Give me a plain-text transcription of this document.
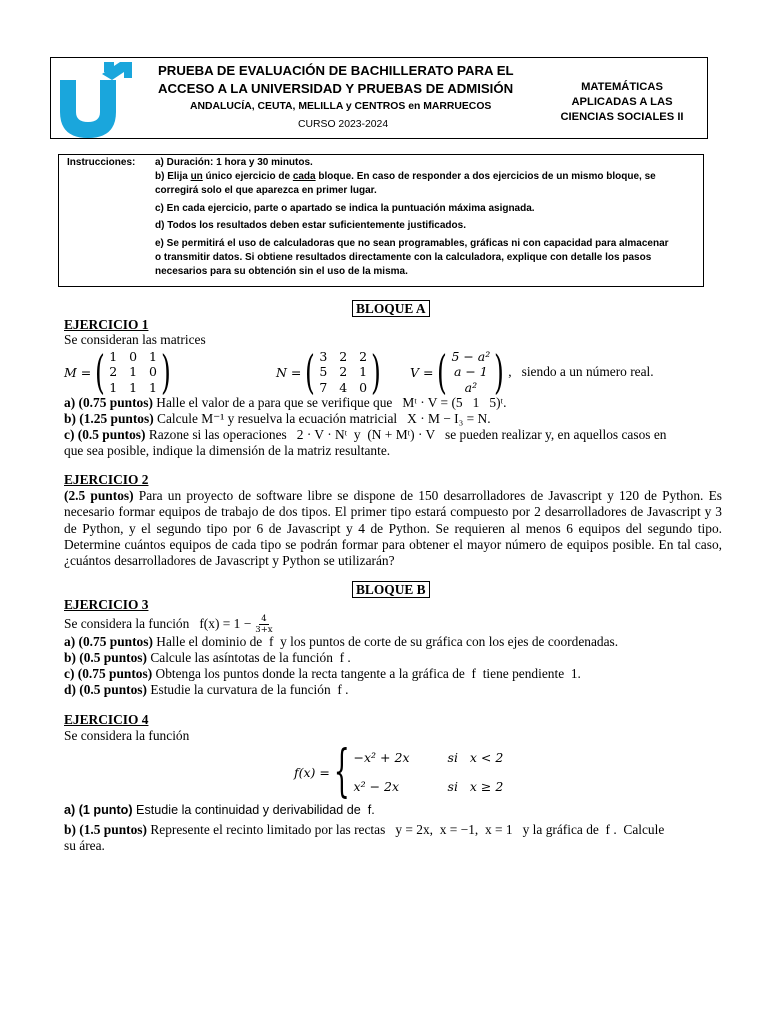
PRUEBA DE EVALUACIÓN DE BACHILLERATO PARA EL
ACCESO A LA UNIVERSIDAD Y PRUEBAS DE ADMISIÓN
ANDALUCÍA, CEUTA, MELILLA y CENTROS en MARRUECOS
CURSO 2023-2024
MATEMÁTICAS
APLICADAS A LAS
CIENCIAS SOCIALES II
Instrucciones: a) Duración: 1 hora y 30 minutos.
b) Elija un único ejercicio de cada bloque. En caso de responder a dos ejercicios de un mismo bloque, se
corregirá solo el que aparezca en primer lugar.
c) En cada ejercicio, parte o apartado se indica la puntuación máxima asignada.
d) Todos los resultados deben estar suficientemente justificados.
e) Se permitirá el uso de calculadoras que no sean programables, gráficas ni con capacidad para almacenar
o transmitir datos. Si obtiene resultados directamente con la calculadora, explique con detalle los pasos
necesarios para su obtención sin el uso de la misma.
BLOQUE A
EJERCICIO 1
Se consideran las matrices
M = ( 1   0   1
2   1   0
1   1   1 )	N = ( 3   2   2
5   2   1
7   4   0 ) V = ( 5 − a²
a − 1
a² ) ,   siendo a un número real.
a) (0.75 puntos) Halle el valor de a para que se verifique que   Mᵗ · V = (5   1   5)ᵗ.
b) (1.25 puntos) Calcule M⁻¹ y resuelva la ecuación matricial   X · M − I₃ = N.
c) (0.5 puntos) Razone si las operaciones   2 · V · Nᵗ  y  (N + Mᵗ) · V   se pueden realizar y, en aquellos casos en
que sea posible, indique la dimensión de la matriz resultante.
EJERCICIO 2
(2.5 puntos) Para un proyecto de software libre se dispone de 150 desarrolladores de Javascript y 120 de Python. Es necesario formar equipos de trabajo de dos tipos. El primer tipo estará compuesto por 2 desarrolladores de Javascript y 3 de Python, y el segundo tipo por 6 de Javascript y 4 de Python. Se requieren al menos 6 equipos del segundo tipo. Determine cuántos equipos de cada tipo se podrán formar para obtener el mayor número de equipos posible. En tal caso, ¿cuántos desarrolladores de Javascript y Python se utilizarán?
BLOQUE B
EJERCICIO 3
Se considera la función   $f(x) = 1 - \frac{4}{3+x}$
a) (0.75 puntos) Halle el dominio de  f  y los puntos de corte de su gráfica con los ejes de coordenadas.
b) (0.5 puntos) Calcule las asíntotas de la función  f .
c) (0.75 puntos) Obtenga los puntos donde la recta tangente a la gráfica de  f  tiene pendiente  1.
d) (0.5 puntos) Estudie la curvatura de la función  f .
EJERCICIO 4
Se considera la función
f(x) = { −x² + 2x	si   x < 2
x² − 2x	si   x ≥ 2
a) (1 punto) Estudie la continuidad y derivabilidad de  f.
b) (1.5 puntos) Represente el recinto limitado por las rectas   y = 2x,  x = −1,  x = 1   y la gráfica de  f .  Calcule
su área.
